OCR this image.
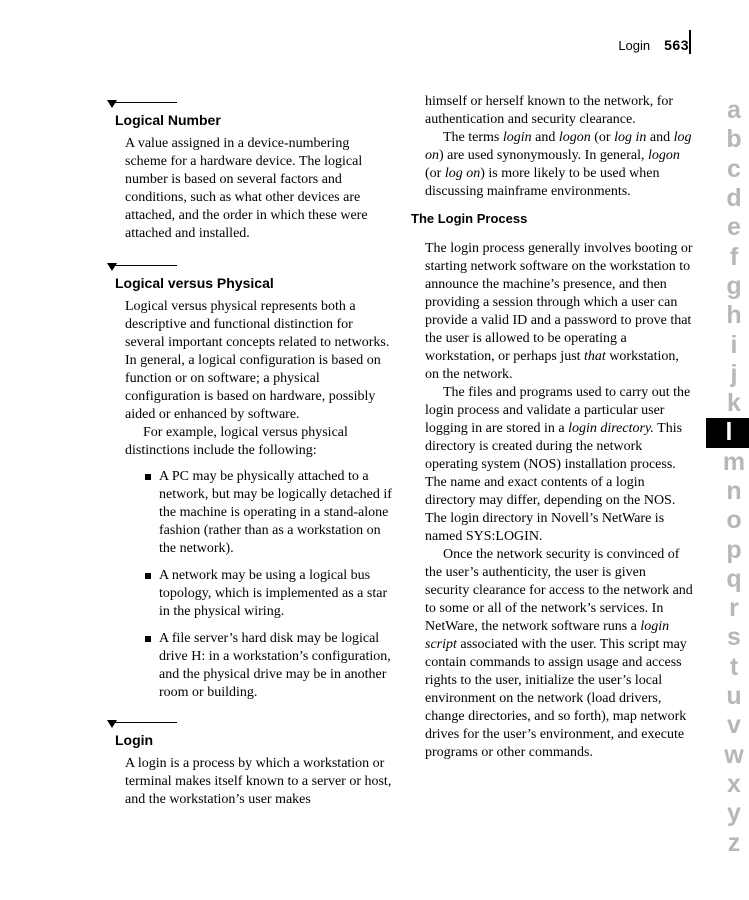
Login 563
Logical Number

A value assigned in a device-numbering scheme for a hardware device. The logical number is based on several factors and conditions, such as what other devices are attached, and the order in which these were attached and installed.

Logical versus Physical

Logical versus physical represents both a descriptive and functional distinction for several important concepts related to networks. In general, a logical configuration is based on function or on software; a physical configuration is based on hardware, possibly aided or enhanced by software.

For example, logical versus physical distinctions include the following:

A PC may be physically attached to a network, but may be logically detached if the machine is operating in a stand-alone fashion (rather than as a workstation on the network).
A network may be using a logical bus topology, which is implemented as a star in the physical wiring.
A file server’s hard disk may be logical drive H: in a workstation’s configuration, and the physical drive may be in another room or building.
Login

A login is a process by which a workstation or terminal makes itself known to a server or host, and the workstation’s user makes

himself or herself known to the network, for authentication and security clearance.

The terms login and logon (or log in and log on) are used synonymously. In general, logon (or log on) is more likely to be used when discussing mainframe environments.

The Login Process

The login process generally involves booting or starting network software on the workstation to announce the machine’s presence, and then providing a session through which a user can provide a valid ID and a password to prove that the user is allowed to be operating a workstation, or perhaps just that workstation, on the network.

The files and programs used to carry out the login process and validate a particular user logging in are stored in a login directory. This directory is created during the network operating system (NOS) installation process. The name and exact contents of a login directory may differ, depending on the NOS. The login directory in Novell’s NetWare is named SYS:LOGIN.

Once the network security is convinced of the user’s authenticity, the user is given security clearance for access to the network and to some or all of the network’s services. In NetWare, the network software runs a login script associated with the user. This script may contain commands to assign usage and access rights to the user, initialize the user’s local environment on the network (load drivers, change directories, and so forth), map network drives for the user’s environment, and execute programs or other commands.

a
b
c
d
e
f
g
h
i
j
k
l
m
n
o
p
q
r
s
t
u
v
w
x
y
z
